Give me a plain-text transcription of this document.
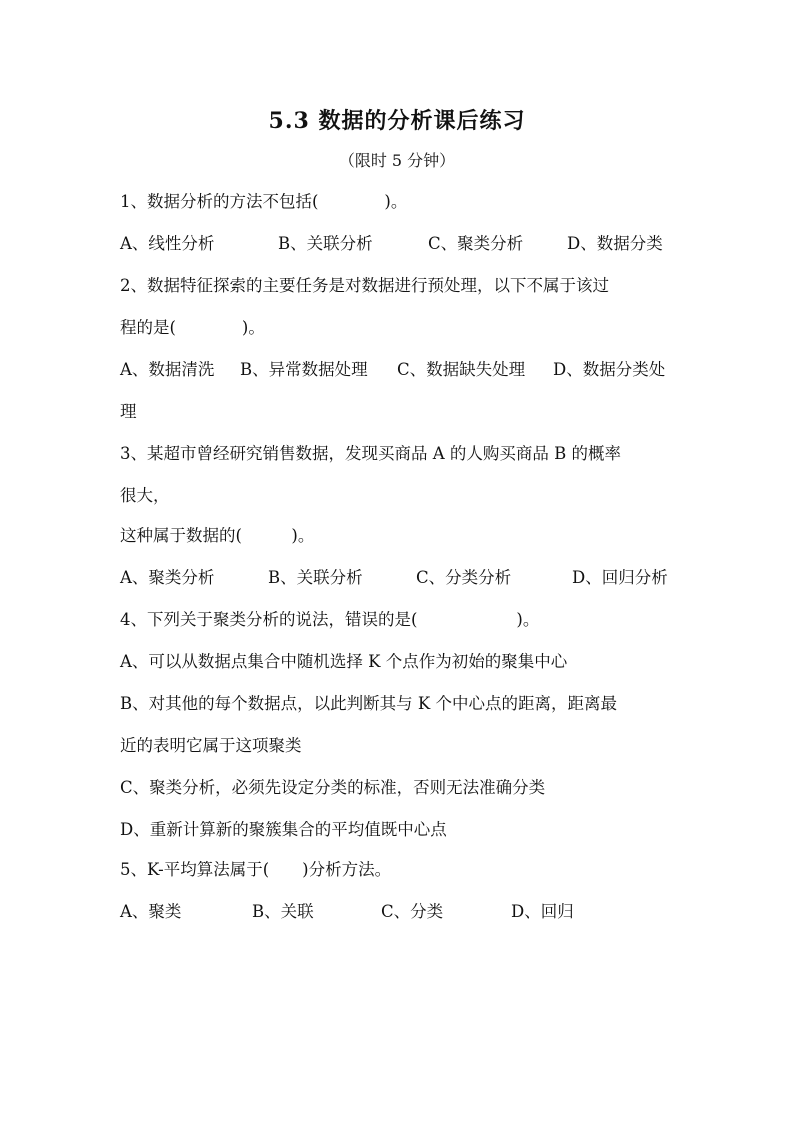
5.3 数据的分析课后练习
（限时 5 分钟）
1、数据分析的方法不包括(　　　　)。
A、线性分析	B、关联分析	C、聚类分析	D、数据分类
2、数据特征探索的主要任务是对数据进行预处理，以下不属于该过
程的是(　　　　)。
A、数据清洗 B、异常数据处理 C、数据缺失处理 D、数据分类处
理
3、某超市曾经研究销售数据，发现买商品 A 的人购买商品 B 的概率
很大，
这种属于数据的(　　　)。
A、聚类分析	B、关联分析	C、分类分析	D、回归分析
4、下列关于聚类分析的说法，错误的是(　　　　　　)。
A、可以从数据点集合中随机选择 K 个点作为初始的聚集中心
B、对其他的每个数据点，以此判断其与 K 个中心点的距离，距离最
近的表明它属于这项聚类
C、聚类分析，必须先设定分类的标准，否则无法准确分类
D、重新计算新的聚簇集合的平均值既中心点
5、K-平均算法属于(　　)分析方法。
A、聚类	B、关联	C、分类	D、回归
